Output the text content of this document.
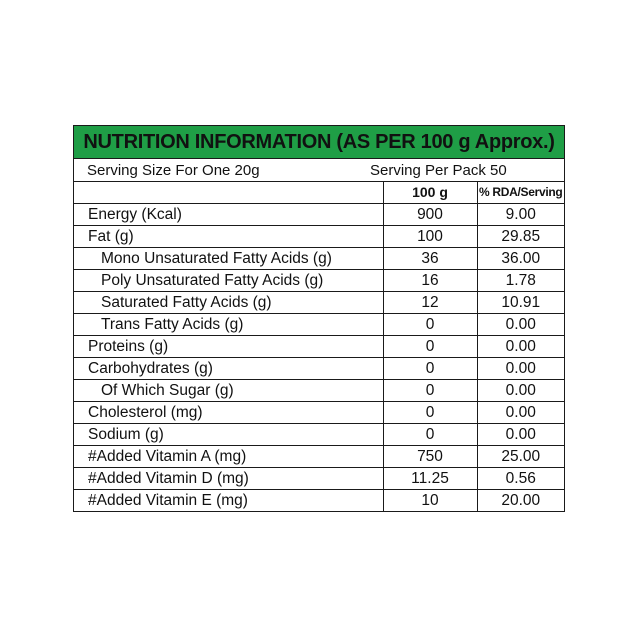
NUTRITION INFORMATION (AS PER 100 g Approx.)
Serving Size For One 20g	Serving Per Pack 50
	100 g	% RDA/Serving
Energy (Kcal)	900	9.00
Fat (g)	100	29.85
Mono Unsaturated Fatty Acids (g)	36	36.00
Poly Unsaturated Fatty Acids (g)	16	1.78
Saturated Fatty Acids (g)	12	10.91
Trans Fatty Acids (g)	0	0.00
Proteins (g)	0	0.00
Carbohydrates (g)	0	0.00
Of Which Sugar (g)	0	0.00
Cholesterol (mg)	0	0.00
Sodium (g)	0	0.00
#Added Vitamin A (mg)	750	25.00
#Added Vitamin D (mg)	11.25	0.56
#Added Vitamin E (mg)	10	20.00
